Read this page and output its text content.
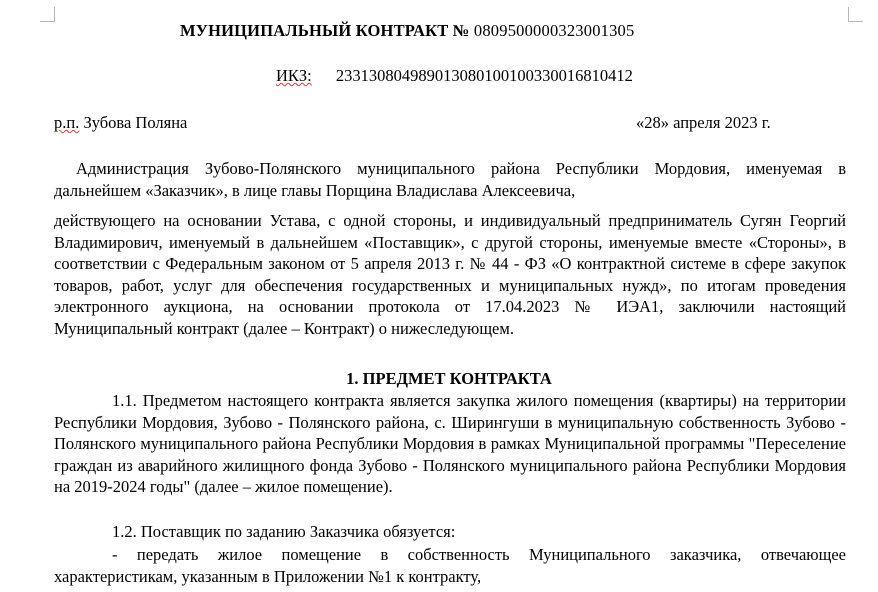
МУНИЦИПАЛЬНЫЙ КОНТРАКТ № 0809500000323001305
ИКЗ: 233130804989013080100100330016810412
р.п. Зубова Поляна	«28» апреля 2023 г.
Администрация Зубово-Полянского муниципального района Республики Мордовия, именуемая в дальнейшем «Заказчик», в лице главы Порщина Владислава Алексеевича,
действующего на основании Устава, с одной стороны, и индивидуальный предприниматель Сугян Георгий Владимирович, именуемый в дальнейшем «Поставщик», с другой стороны, именуемые вместе «Стороны», в соответствии с Федеральным законом от 5 апреля 2013 г. № 44 - ФЗ «О контрактной системе в сфере закупок товаров, работ, услуг для обеспечения государственных и муниципальных нужд», по итогам проведения электронного аукциона, на основании протокола от 17.04.2023 № ИЭА1, заключили настоящий Муниципальный контракт (далее – Контракт) о нижеследующем.
1. ПРЕДМЕТ КОНТРАКТА
1.1. Предметом настоящего контракта является закупка жилого помещения (квартиры) на территории Республики Мордовия, Зубово - Полянского района, с. Ширингуши в муниципальную собственность Зубово - Полянского муниципального района Республики Мордовия в рамках Муниципальной программы "Переселение граждан из аварийного жилищного фонда Зубово - Полянского муниципального района Республики Мордовия на 2019-2024 годы" (далее – жилое помещение).
1.2. Поставщик по заданию Заказчика обязуется:
- передать жилое помещение в собственность Муниципального заказчика, отвечающее характеристикам, указанным в Приложении №1 к контракту,
